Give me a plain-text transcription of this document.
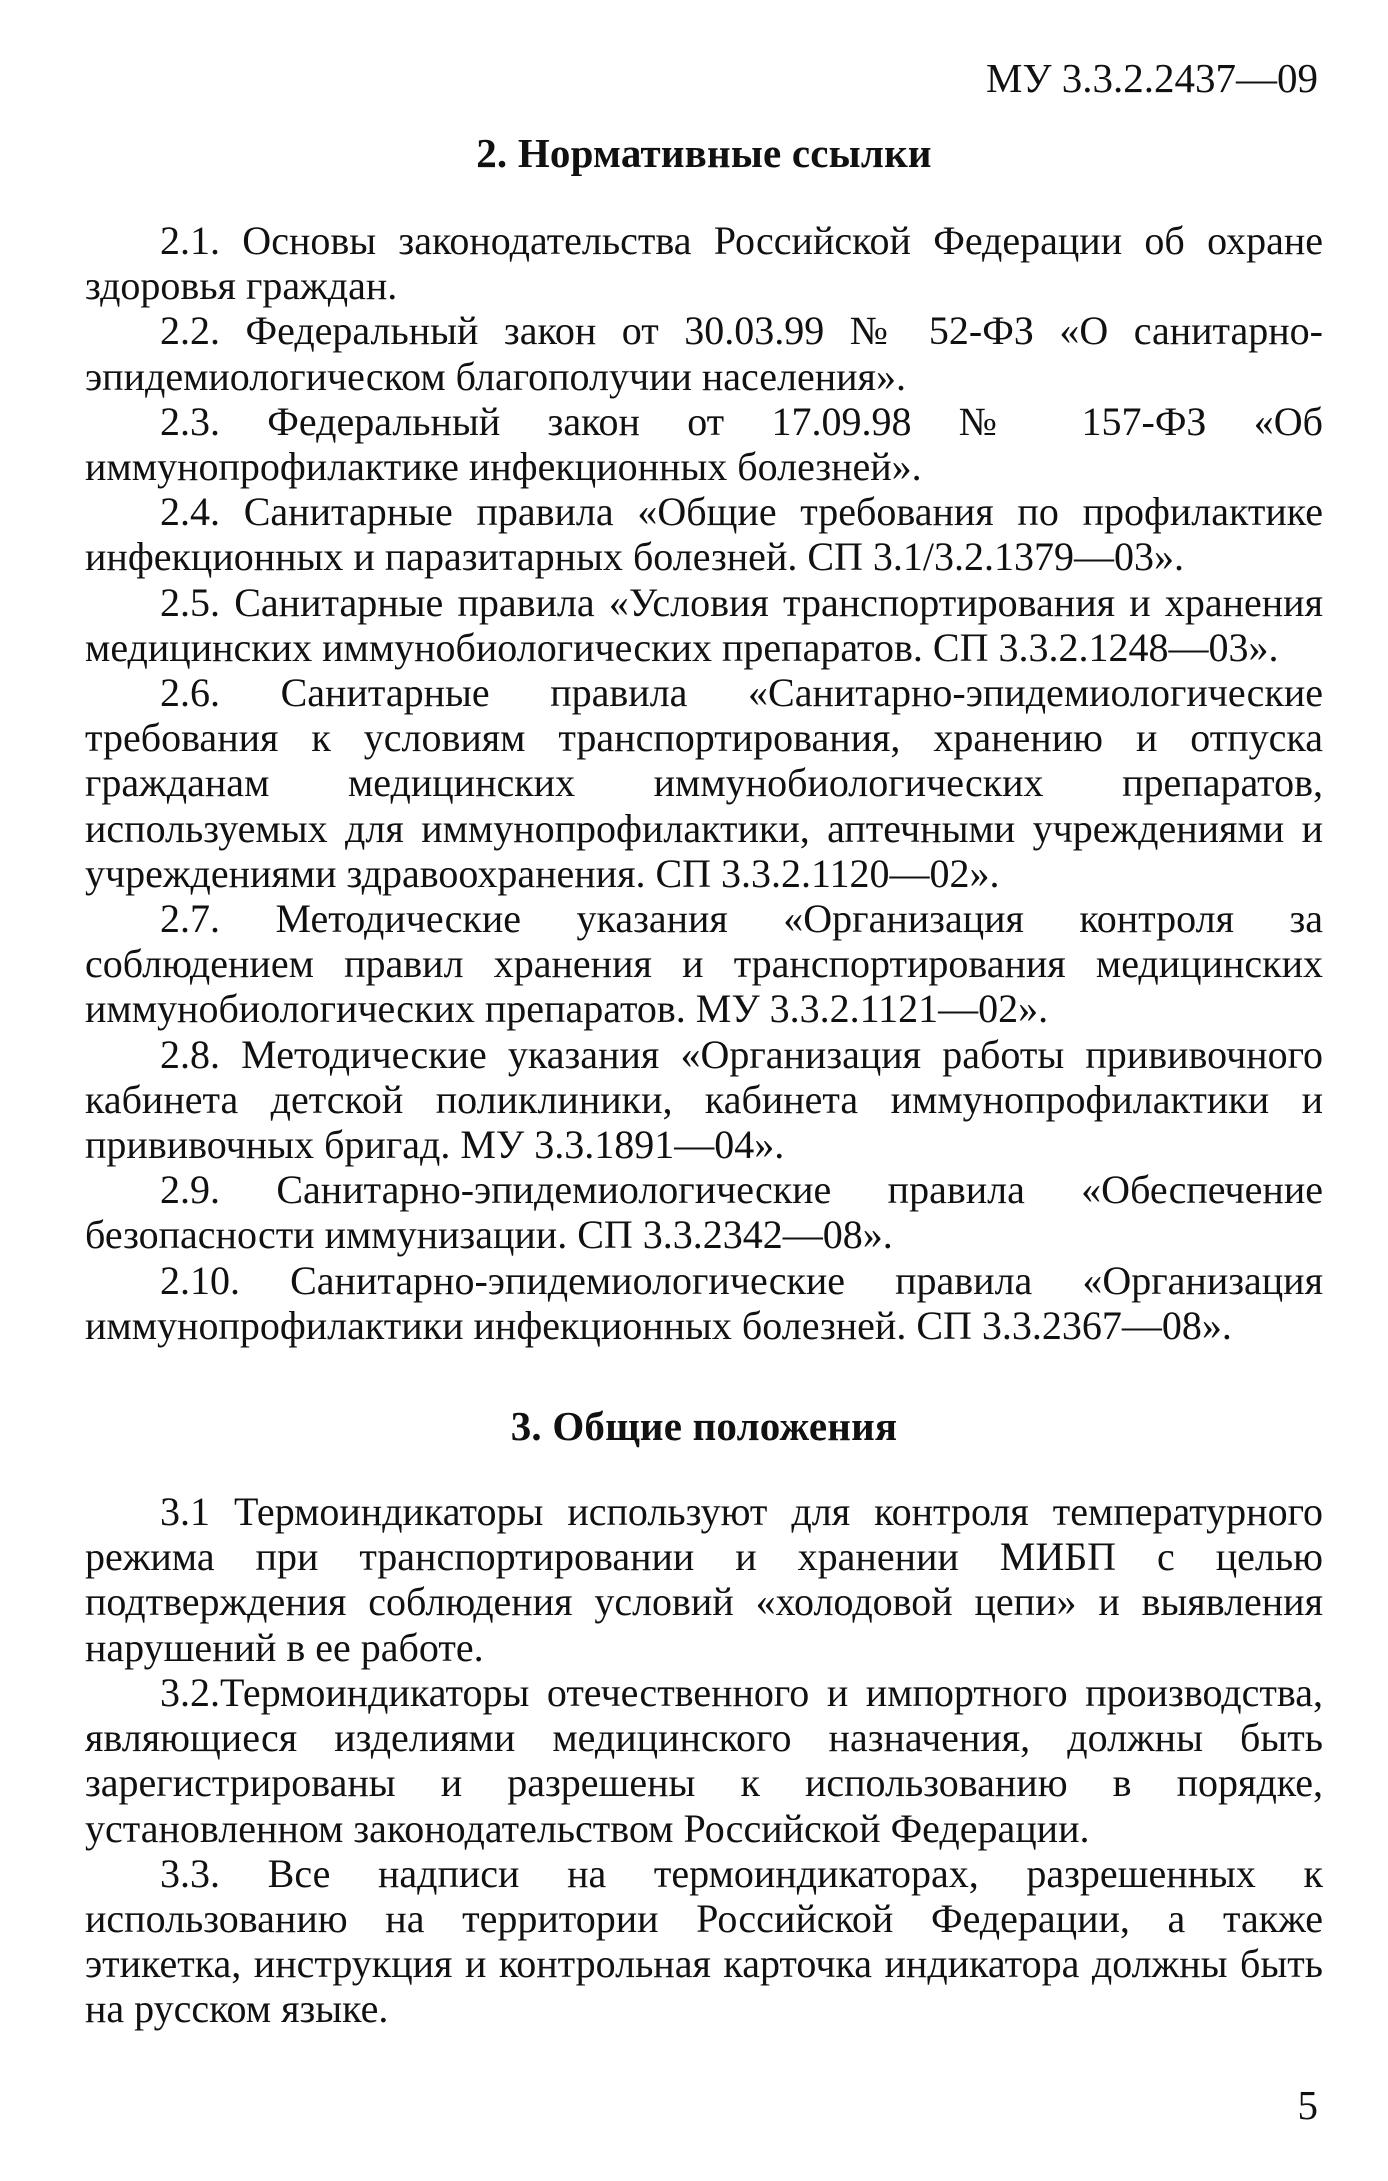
МУ 3.3.2.2437—09
2. Нормативные ссылки

2.1. Основы законодательства Российской Федерации об охране здоровья граждан.

2.2. Федеральный закон от 30.03.99 № 52-ФЗ «О санитарно-эпидемиологическом благополучии населения».

2.3. Федеральный закон от 17.09.98 № 157-ФЗ «Об иммунопрофилактике инфекционных болезней».

2.4. Санитарные правила «Общие требования по профилактике инфекционных и паразитарных болезней. СП 3.1/3.2.1379—03».

2.5. Санитарные правила «Условия транспортирования и хранения медицинских иммунобиологических препаратов. СП 3.3.2.1248—03».

2.6. Санитарные правила «Санитарно-эпидемиологические требования к условиям транспортирования, хранению и отпуска гражданам медицинских иммунобиологических препаратов, используемых для иммунопрофилактики, аптечными учреждениями и учреждениями здравоохранения. СП 3.3.2.1120—02».

2.7. Методические указания «Организация контроля за соблюдением правил хранения и транспортирования медицинских иммунобиологических препаратов. МУ 3.3.2.1121—02».

2.8. Методические указания «Организация работы прививочного кабинета детской поликлиники, кабинета иммунопрофилактики и прививочных бригад. МУ 3.3.1891—04».

2.9. Санитарно-эпидемиологические правила «Обеспечение безопасности иммунизации. СП 3.3.2342—08».

2.10. Санитарно-эпидемиологические правила «Организация иммунопрофилактики инфекционных болезней. СП 3.3.2367—08».

3. Общие положения

3.1 Термоиндикаторы используют для контроля температурного режима при транспортировании и хранении МИБП с целью подтверждения соблюдения условий «холодовой цепи» и выявления нарушений в ее работе.

3.2.Термоиндикаторы отечественного и импортного производства, являющиеся изделиями медицинского назначения, должны быть зарегистрированы и разрешены к использованию в порядке, установленном законодательством Российской Федерации.

3.3. Все надписи на термоиндикаторах, разрешенных к использованию на территории Российской Федерации, а также этикетка, инструкция и контрольная карточка индикатора должны быть на русском языке.

5
